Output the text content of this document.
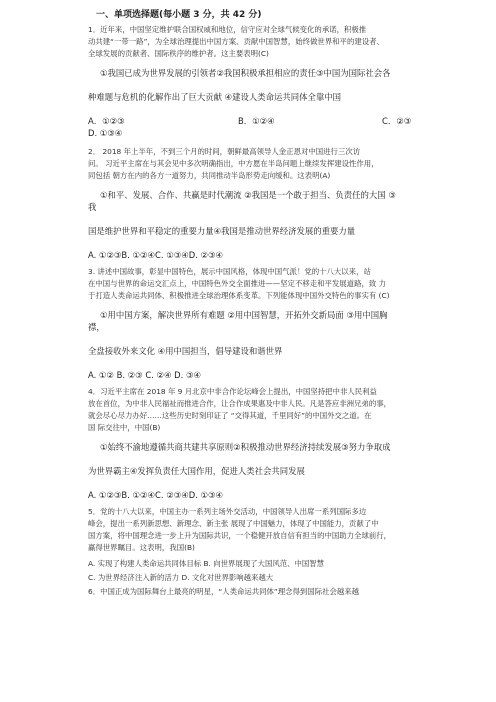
一、单项选择题(每小题 3 分，共 42 分)
1．近年来，中国坚定维护联合国权威和地位，信守应对全球气候变化的承诺，积极推
动共建“一带一路”，为全球治理提出中国方案、贡献中国智慧，始终做世界和平的建设者、
全球发展的贡献者、国际秩序的维护者。这主要表明(C)
①我国已成为世界发展的引领者②我国积极承担相应的责任③中国为国际社会各
种难题与危机的化解作出了巨大贡献 ④建设人类命运共同体全靠中国
A．①②③	B．①②④	C．②③
D. ①③④
2． 2018 年上半年，不到三个月的时间，朝鲜最高领导人金正恩对中国进行三次访
问。 习近平主席在与其会见中多次明确指出，中方愿在半岛问题上继续发挥建设性作用，
同包括 朝方在内的各方一道努力，共同推动半岛形势走向缓和。这表明(A)
①和平、发展、合作、共赢是时代潮流 ②我国是一个敢于担当、负责任的大国 ③
我
国是维护世界和平稳定的重要力量④我国是推动世界经济发展的重要力量
A. ①②③B. ①②④C. ①③④D. ②③④
3. 讲述中国故事，彰显中国特色，展示中国风格，体现中国气派！党的十八大以来，站
在中国与世界的命运交汇点上，中国特色外交全面推进——坚定不移走和平发展道路，致 力
于打造人类命运共同体、积极推进全球治理体系变革。下列能体现中国外交特色的事实有 (C)
①用中国方案，解决世界所有难题 ②用中国智慧，开拓外交新局面 ③用中国胸
襟，
全盘接收外来文化 ④用中国担当，倡导建设和谐世界
A. ①② B. ②③ C. ②④ D. ③④
4．习近平主席在 2018 年 9 月北京中非合作论坛峰会上提出，中国坚持把中非人民利益
放在首位，为中非人民福祉而推进合作，让合作成果惠及中非人民。凡是答应非洲兄弟的事，
就会尽心尽力办好……这些历史时刻印证了 “交得其道，千里同好”的中国外交之道。在
国 际交往中，中国(B)
①始终不渝地遵循共商共建共享原则②积极推动世界经济持续发展③努力争取成
为世界霸主④发挥负责任大国作用，促进人类社会共同发展
A. ①②③B. ①②④C. ②③④D. ①③④
5．党的十八大以来，中国主办一系列主场外交活动，中国领导人出席一系列国际多边
峰会，提出一系列新思想、新理念、新主张 展现了中国魅力，体现了中国能力，贡献了中
国方案，将中国理念进一步上升为国际共识，一个稳健开放自信有担当的中国助力全球前行，
赢得世界瞩目。这表明，我国(B)
A. 实现了构建人类命运共同体目标 B. 向世界展现了大国风范、中国智慧
C. 为世界经济注入新的活力 D. 文化对世界影响越来越大
6．中国正成为国际舞台上最亮的明星，“人类命运共同体”理念得到国际社会越来越
